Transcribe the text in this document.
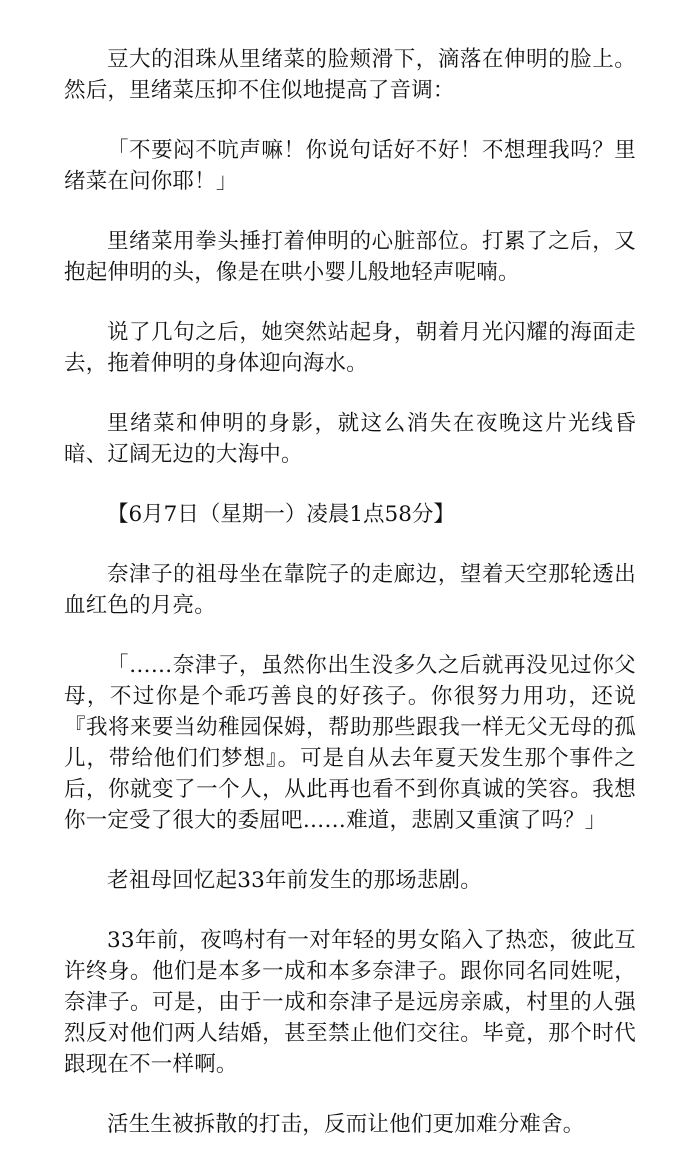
豆大的泪珠从里绪菜的脸颊滑下，滴落在伸明的脸上。然后，里绪菜压抑不住似地提高了音调：

「不要闷不吭声嘛！你说句话好不好！不想理我吗？里绪菜在问你耶！」

里绪菜用拳头捶打着伸明的心脏部位。打累了之后，又抱起伸明的头，像是在哄小婴儿般地轻声呢喃。

说了几句之后，她突然站起身，朝着月光闪耀的海面走去，拖着伸明的身体迎向海水。

里绪菜和伸明的身影，就这么消失在夜晚这片光线昏暗、辽阔无边的大海中。

【6月7日（星期一）凌晨1点58分】

奈津子的祖母坐在靠院子的走廊边，望着天空那轮透出血红色的月亮。

「……奈津子，虽然你出生没多久之后就再没见过你父母，不过你是个乖巧善良的好孩子。你很努力用功，还说『我将来要当幼稚园保姆，帮助那些跟我一样无父无母的孤儿，带给他们们梦想』。可是自从去年夏天发生那个事件之后，你就变了一个人，从此再也看不到你真诚的笑容。我想你一定受了很大的委屈吧……难道，悲剧又重演了吗？」

老祖母回忆起33年前发生的那场悲剧。

33年前，夜鸣村有一对年轻的男女陷入了热恋，彼此互许终身。他们是本多一成和本多奈津子。跟你同名同姓呢，奈津子。可是，由于一成和奈津子是远房亲戚，村里的人强烈反对他们两人结婚，甚至禁止他们交往。毕竟，那个时代跟现在不一样啊。

活生生被拆散的打击，反而让他们更加难分难舍。
